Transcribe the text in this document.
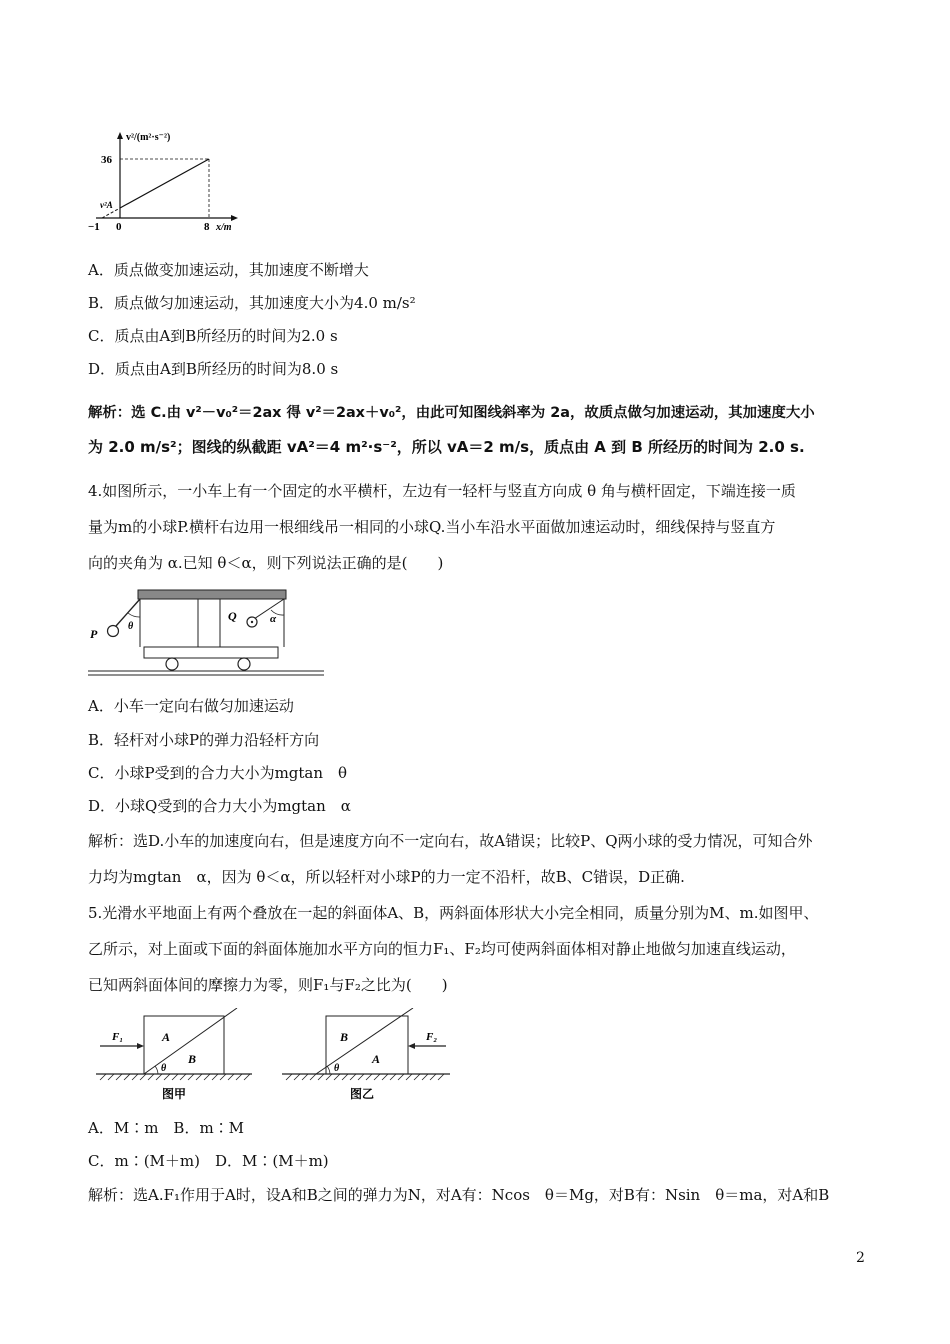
v²/(m²·s⁻²)
36
v²A
−1 0	8 x/m
A．质点做变加速运动，其加速度不断增大
B．质点做匀加速运动，其加速度大小为4.0 m/s²
C．质点由A到B所经历的时间为2.0 s
D．质点由A到B所经历的时间为8.0 s
解析：选 C.由 v²－v₀²＝2ax 得 v²＝2ax＋v₀²，由此可知图线斜率为 2a，故质点做匀加速运动，其加速度大小
为 2.0 m/s²；图线的纵截距 vA²＝4 m²·s⁻²，所以 vA＝2 m/s，质点由 A 到 B 所经历的时间为 2.0 s.
4.如图所示，一小车上有一个固定的水平横杆，左边有一轻杆与竖直方向成 θ 角与横杆固定，下端连接一质
量为m的小球P.横杆右边用一根细线吊一相同的小球Q.当小车沿水平面做加速运动时，细线保持与竖直方
向的夹角为 α.已知 θ＜α，则下列说法正确的是(　　)
P
θ
Q	α
A．小车一定向右做匀加速运动
B．轻杆对小球P的弹力沿轻杆方向
C．小球P受到的合力大小为mgtan　θ
D．小球Q受到的合力大小为mgtan　α
解析：选D.小车的加速度向右，但是速度方向不一定向右，故A错误；比较P、Q两小球的受力情况，可知合外
力均为mgtan　α，因为 θ＜α，所以轻杆对小球P的力一定不沿杆，故B、C错误，D正确.
5.光滑水平地面上有两个叠放在一起的斜面体A、B，两斜面体形状大小完全相同，质量分别为M、m.如图甲、
乙所示，对上面或下面的斜面体施加水平方向的恒力F₁、F₂均可使两斜面体相对静止地做匀加速直线运动，
已知两斜面体间的摩擦力为零，则F₁与F₂之比为(　　)
F₁	A
B
θ
图甲
F₂
B
A
θ
图乙
A．M∶m　B．m∶M
C．m∶(M＋m)　D．M∶(M＋m)
解析：选A.F₁作用于A时，设A和B之间的弹力为N，对A有：Ncos　θ＝Mg，对B有：Nsin　θ＝ma，对A和B
2
